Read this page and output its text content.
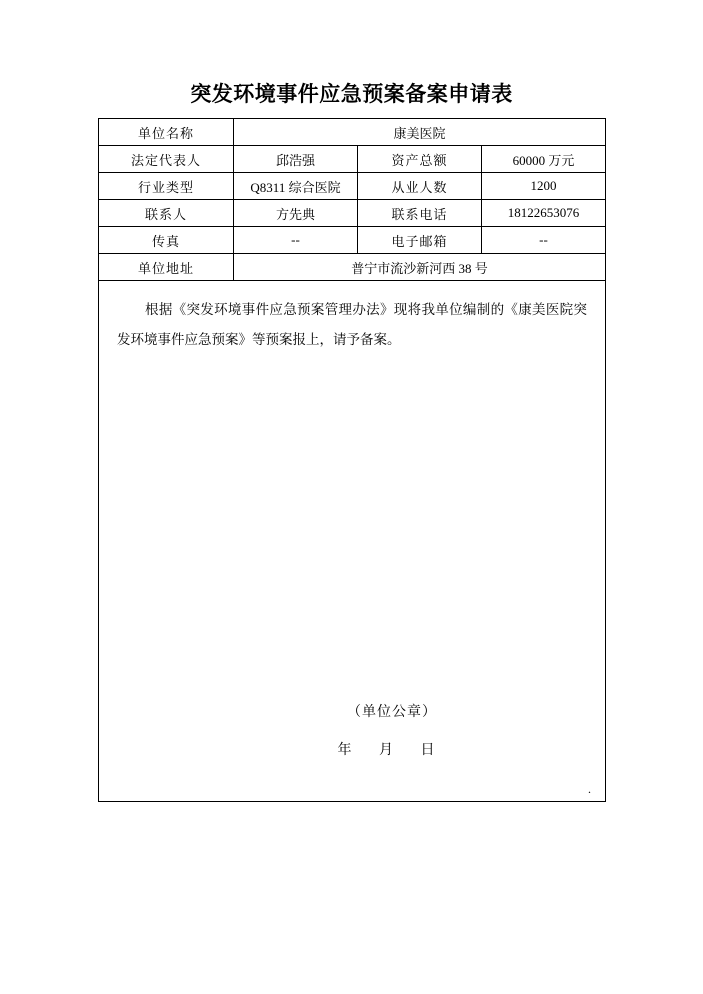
突发环境事件应急预案备案申请表
单位名称	康美医院		
法定代表人	邱浩强	资产总额	60000 万元
行业类型	Q8311 综合医院	从业人数	1200
联系人	方先典	联系电话	18122653076
传真	--	电子邮箱	--
单位地址	普宁市流沙新河西 38 号		

根据《突发环境事件应急预案管理办法》现将我单位编制的《康美医院突发环境事件应急预案》等预案报上，请予备案。
（单位公章）
年 月 日			
.
